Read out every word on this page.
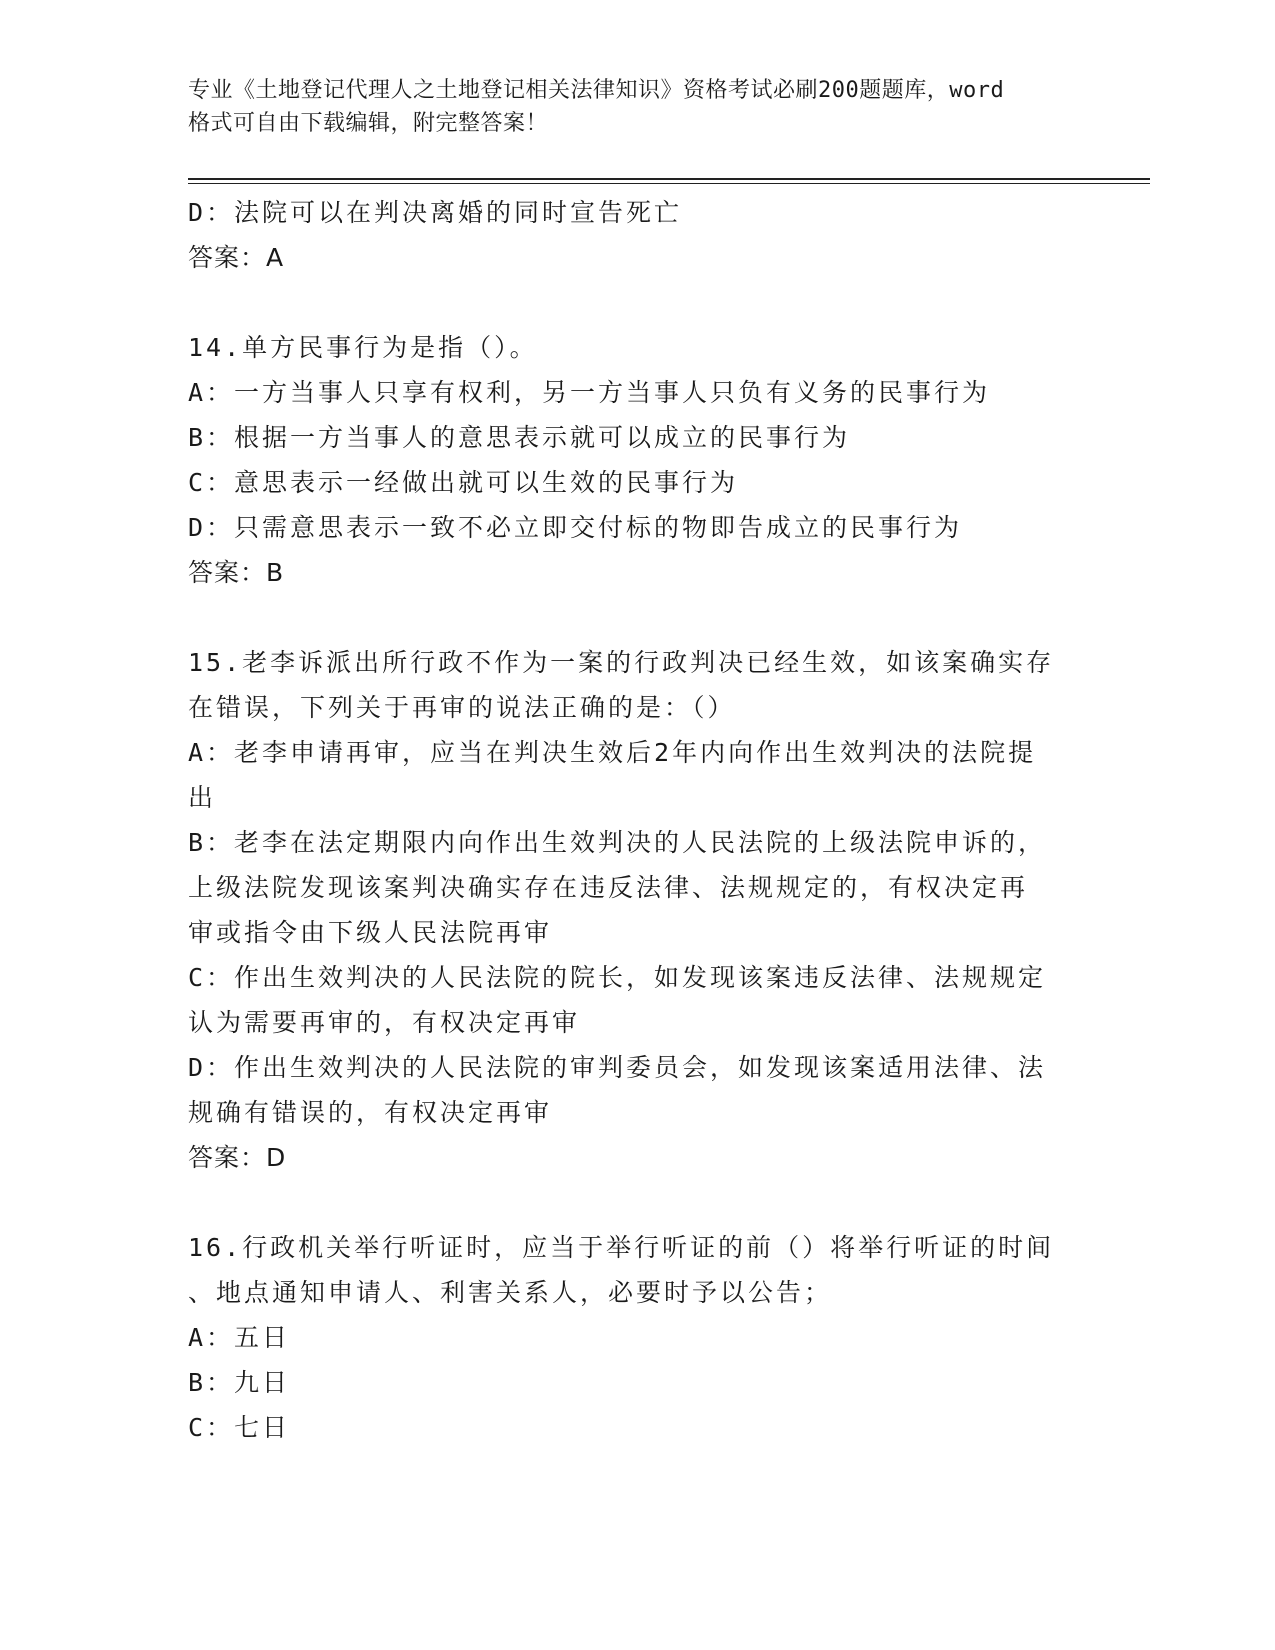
专业《土地登记代理人之土地登记相关法律知识》资格考试必刷200题题库，word
格式可自由下载编辑，附完整答案！
D：法院可以在判决离婚的同时宣告死亡
答案：A
14.单方民事行为是指（）。
A：一方当事人只享有权利，另一方当事人只负有义务的民事行为
B：根据一方当事人的意思表示就可以成立的民事行为
C：意思表示一经做出就可以生效的民事行为
D：只需意思表示一致不必立即交付标的物即告成立的民事行为
答案：B
15.老李诉派出所行政不作为一案的行政判决已经生效，如该案确实存
在错误，下列关于再审的说法正确的是：（）
A：老李申请再审，应当在判决生效后2年内向作出生效判决的法院提
出
B：老李在法定期限内向作出生效判决的人民法院的上级法院申诉的，
上级法院发现该案判决确实存在违反法律、法规规定的，有权决定再
审或指令由下级人民法院再审
C：作出生效判决的人民法院的院长，如发现该案违反法律、法规规定
认为需要再审的，有权决定再审
D：作出生效判决的人民法院的审判委员会，如发现该案适用法律、法
规确有错误的，有权决定再审
答案：D
16.行政机关举行听证时，应当于举行听证的前（）将举行听证的时间
、地点通知申请人、利害关系人，必要时予以公告；
A：五日
B：九日
C：七日
